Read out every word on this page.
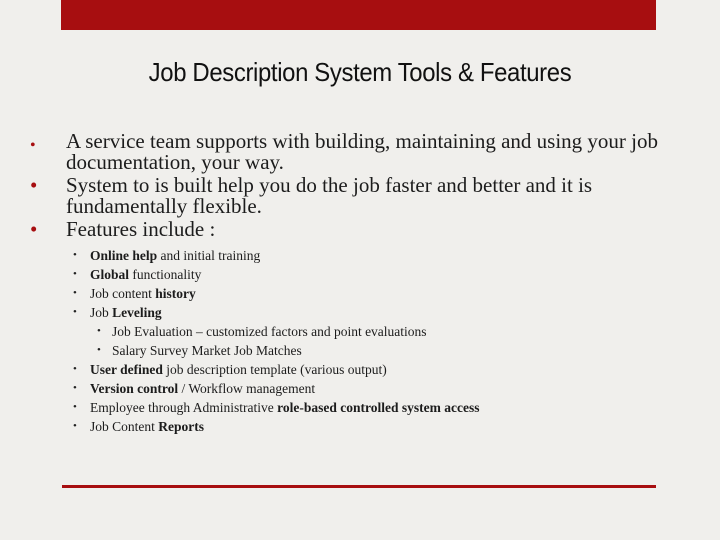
Job Description System Tools & Features
• A service team supports with building, maintaining and using your job documentation, your way.
• System to is built help you do the job faster and better and it is fundamentally flexible.
• Features include :
• Online help and initial training
• Global functionality
• Job content history
• Job Leveling
• Job Evaluation – customized factors and point evaluations
• Salary Survey Market Job Matches
• User defined job description template (various output)
• Version control / Workflow management
• Employee through Administrative role-based controlled system access
• Job Content Reports
